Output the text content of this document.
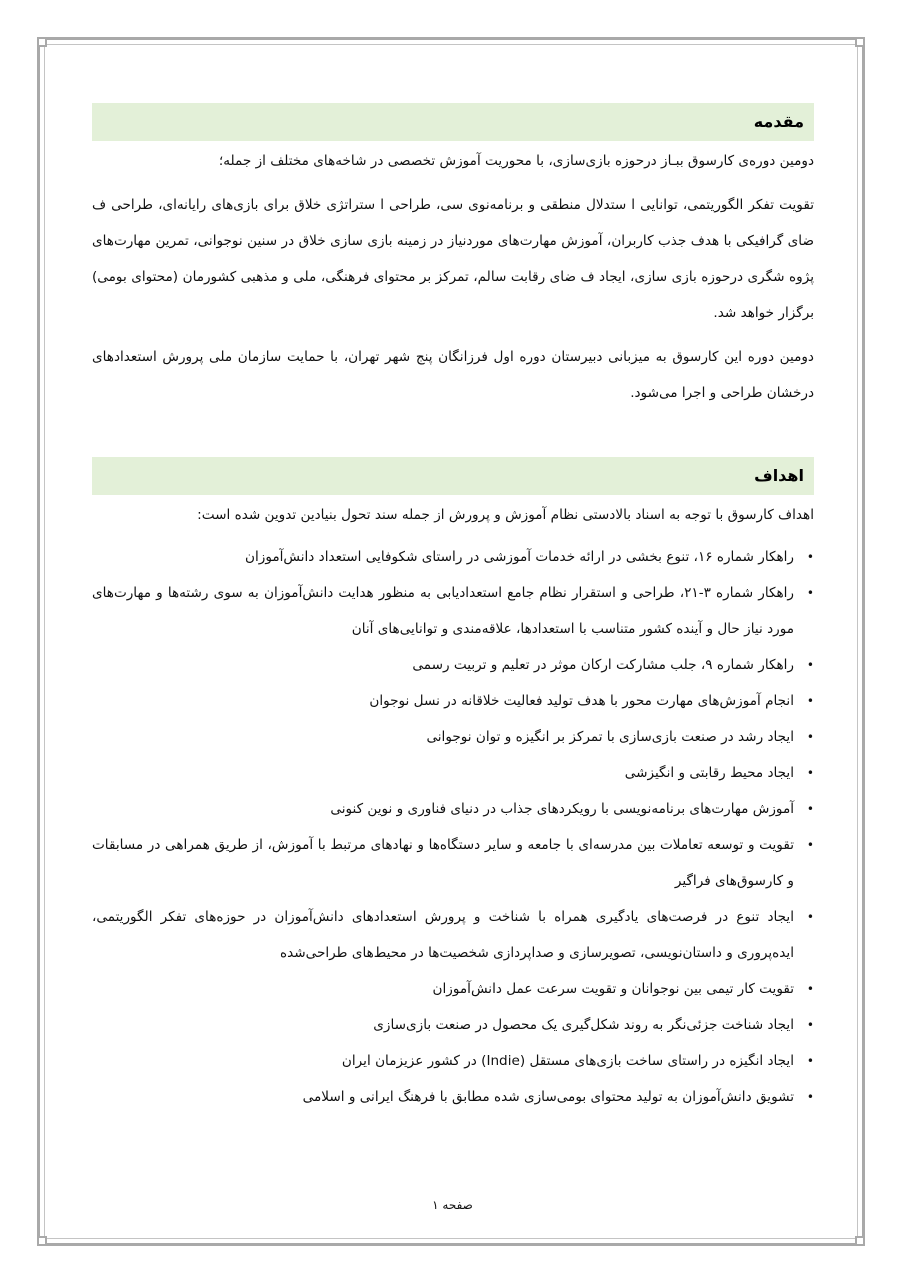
مقدمه

دومین دوره‌ی کارسوق ببـاز درحوزه بازی‌سازی، با محوریت آموزش تخصصی در شاخه‌های مختلف از جمله؛

تقویت تفکر الگوریتمی، توانایی ا ستدلال منطقی و برنامه‌نوی سی، طراحی ا ستراتژی خلاق برای بازی‌های رایانه‌ای، طراحی ف ضای گرافیکی با هدف جذب کاربران، آموزش مهارت‌های موردنیاز در زمینه بازی سازی خلاق در سنین نوجوانی، تمرین مهارت‌های پژوه شگری درحوزه بازی سازی، ایجاد ف ضای رقابت سالم، تمرکز بر محتوای فرهنگی، ملی و مذهبی کشورمان (محتوای بومی) برگزار خواهد شد.

دومین دوره این کارسوق به میزبانی دبیرستان دوره اول فرزانگان پنج شهر تهران، با حمایت سازمان ملی پرورش استعدادهای درخشان طراحی و اجرا می‌شود.

اهداف

اهداف کارسوق با توجه به اسناد بالادستی نظام آموزش و پرورش از جمله سند تحول بنیادین تدوین شده است:

•
راهکار شماره ۱۶، تنوع بخشی در ارائه خدمات آموزشی در راستای شکوفایی استعداد دانش‌آموزان
•
راهکار شماره ۳-۲۱، طراحی و استقرار نظام جامع استعدادیابی به منظور هدایت دانش‌آموزان به سوی رشته‌ها و مهارت‌های مورد نیاز حال و آینده کشور متناسب با استعدادها، علاقه‌مندی و توانایی‌های آنان
•
راهکار شماره ۹، جلب مشارکت ارکان موثر در تعلیم و تربیت رسمی
•
انجام آموزش‌های مهارت محور با هدف تولید فعالیت خلاقانه در نسل نوجوان
•
ایجاد رشد در صنعت بازی‌سازی با تمرکز بر انگیزه و توان نوجوانی
•
ایجاد محیط رقابتی و انگیزشی
•
آموزش مهارت‌های برنامه‌نویسی با رویکردهای جذاب در دنیای فناوری و نوین کنونی
•
تقویت و توسعه تعاملات بین مدرسه‌ای با جامعه و سایر دستگاه‌ها و نهادهای مرتبط با آموزش، از طریق همراهی در مسابقات و کارسوق‌های فراگیر
•
ایجاد تنوع در فرصت‌های یادگیری همراه با شناخت و پرورش استعدادهای دانش‌آموزان در حوزه‌های تفکر الگوریتمی، ایده‌پروری و داستان‌نویسی، تصویرسازی و صداپردازی شخصیت‌ها در محیط‌های طراحی‌شده
•
تقویت کار تیمی بین نوجوانان و تقویت سرعت عمل دانش‌آموزان
•
ایجاد شناخت جزئی‌نگر به روند شکل‌گیری یک محصول در صنعت بازی‌سازی
•
ایجاد انگیزه در راستای ساخت بازی‌های مستقل (Indie) در کشور عزیزمان ایران
•
تشویق دانش‌آموزان به تولید محتوای بومی‌سازی شده مطابق با فرهنگ ایرانی و اسلامی
صفحه ۱
